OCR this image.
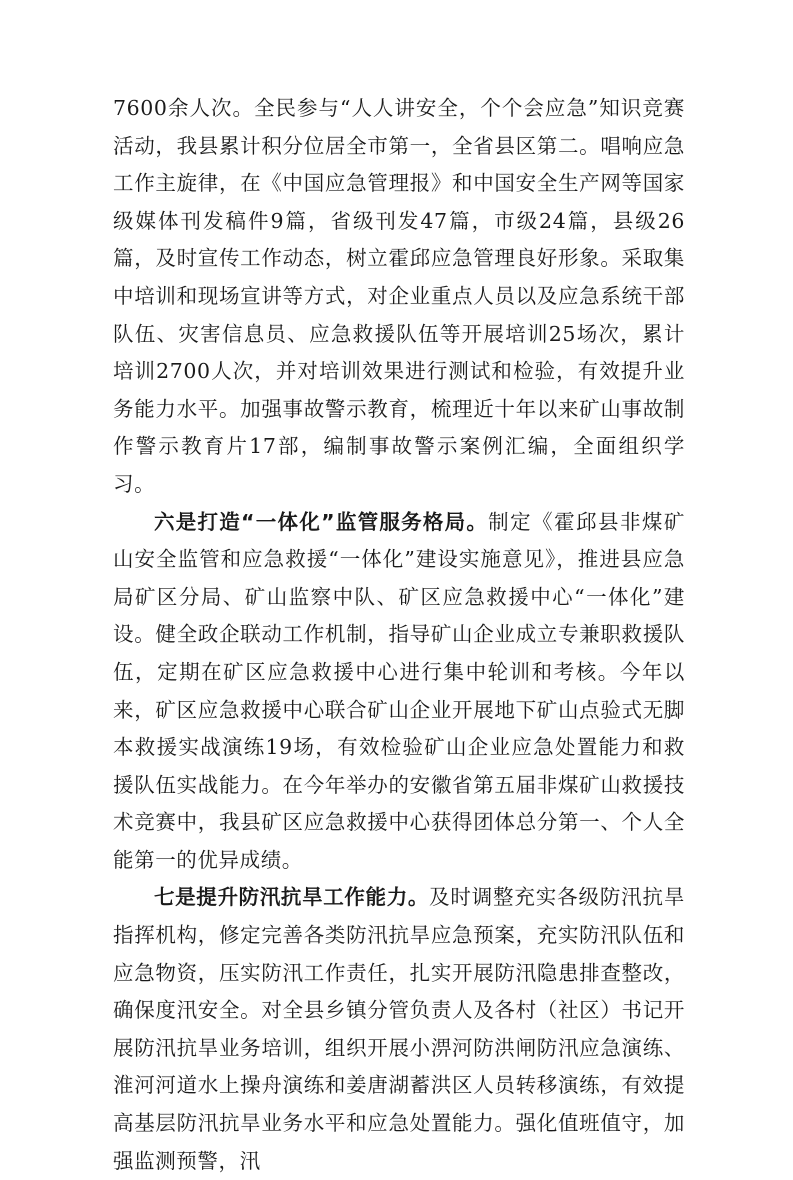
7600余人次。全民参与“人人讲安全，个个会应急”知识竞赛活动，我县累计积分位居全市第一，全省县区第二。唱响应急工作主旋律，在《中国应急管理报》和中国安全生产网等国家级媒体刊发稿件9篇，省级刊发47篇，市级24篇，县级26篇，及时宣传工作动态，树立霍邱应急管理良好形象。采取集中培训和现场宣讲等方式，对企业重点人员以及应急系统干部队伍、灾害信息员、应急救援队伍等开展培训25场次，累计培训2700人次，并对培训效果进行测试和检验，有效提升业务能力水平。加强事故警示教育，梳理近十年以来矿山事故制作警示教育片17部，编制事故警示案例汇编，全面组织学习。

六是打造“一体化”监管服务格局。制定《霍邱县非煤矿山安全监管和应急救援“一体化”建设实施意见》，推进县应急局矿区分局、矿山监察中队、矿区应急救援中心“一体化”建设。健全政企联动工作机制，指导矿山企业成立专兼职救援队伍，定期在矿区应急救援中心进行集中轮训和考核。今年以来，矿区应急救援中心联合矿山企业开展地下矿山点验式无脚本救援实战演练19场，有效检验矿山企业应急处置能力和救援队伍实战能力。在今年举办的安徽省第五届非煤矿山救援技术竞赛中，我县矿区应急救援中心获得团体总分第一、个人全能第一的优异成绩。

七是提升防汛抗旱工作能力。及时调整充实各级防汛抗旱指挥机构，修定完善各类防汛抗旱应急预案，充实防汛队伍和应急物资，压实防汛工作责任，扎实开展防汛隐患排查整改，确保度汛安全。对全县乡镇分管负责人及各村（社区）书记开展防汛抗旱业务培训，组织开展小淠河防洪闸防汛应急演练、淮河河道水上操舟演练和姜唐湖蓄洪区人员转移演练，有效提高基层防汛抗旱业务水平和应急处置能力。强化值班值守，加强监测预警，汛
